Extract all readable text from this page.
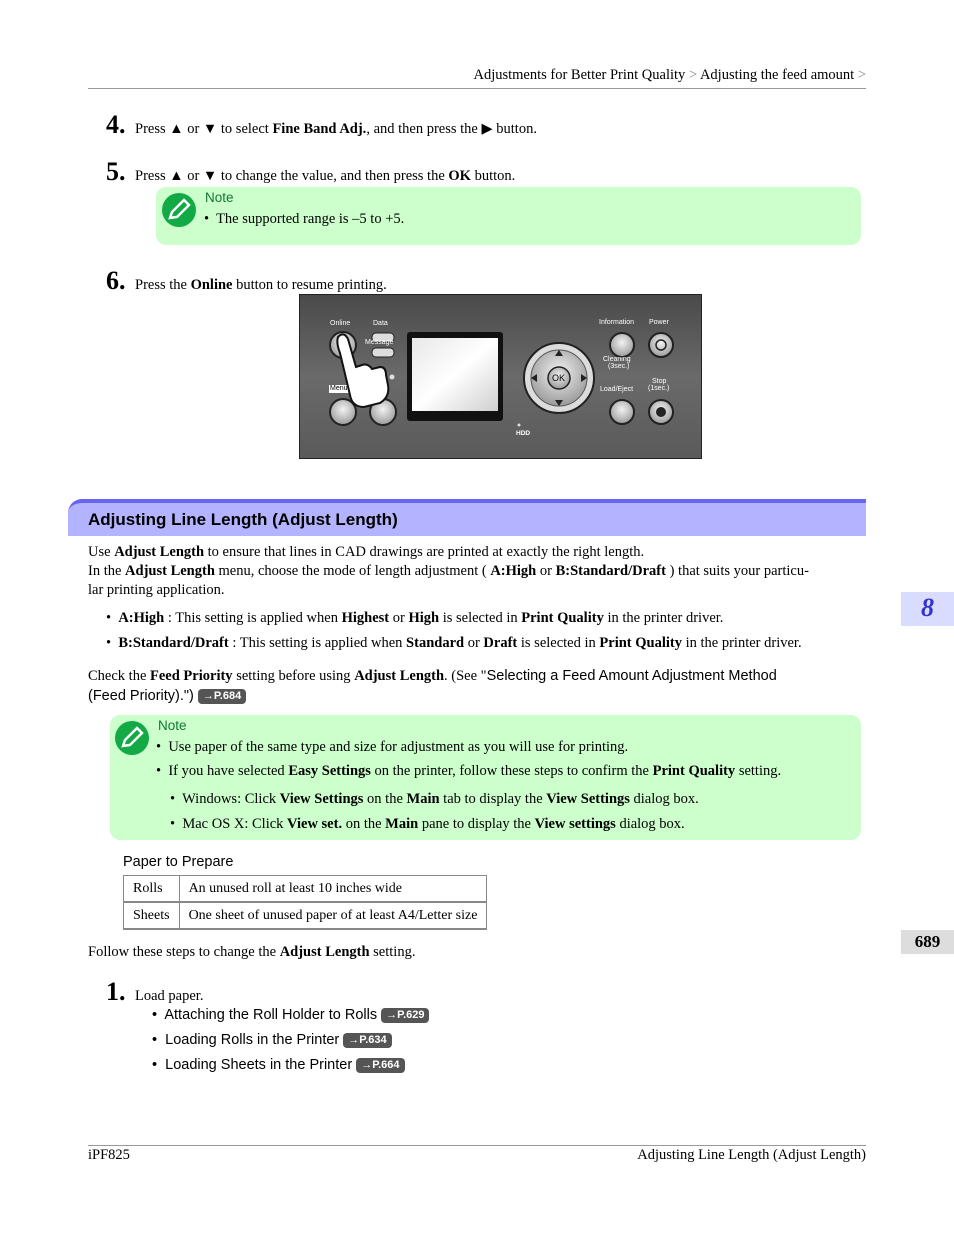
Adjustments for Better Print Quality > Adjusting the feed amount >
4. Press ▲ or ▼ to select Fine Band Adj., and then press the ▶ button.
5. Press ▲ or ▼ to change the value, and then press the OK button.
Note
• The supported range is –5 to +5.
6. Press the Online button to resume printing.
Online	Data
Message
Menu
Information Power
Cleaning
(3sec.)
Load/Eject
Stop
(1sec.)
OK
HDD
Adjusting Line Length (Adjust Length)
8
Use Adjust Length to ensure that lines in CAD drawings are printed at exactly the right length.
In the Adjust Length menu, choose the mode of length adjustment ( A:High or B:Standard/Draft ) that suits your particu-
lar printing application.
•  A:High : This setting is applied when Highest or High is selected in Print Quality in the printer driver.
•  B:Standard/Draft : This setting is applied when Standard or Draft is selected in Print Quality in the printer driver.
Check the Feed Priority setting before using Adjust Length. (See "Selecting a Feed Amount Adjustment Method
(Feed Priority).") →P.684
Note
•  Use paper of the same type and size for adjustment as you will use for printing.
•  If you have selected Easy Settings on the printer, follow these steps to confirm the Print Quality setting.
•  Windows: Click View Settings on the Main tab to display the View Settings dialog box.
•  Mac OS X: Click View set. on the Main pane to display the View settings dialog box.
Paper to Prepare
Rolls	An unused roll at least 10 inches wide
Sheets	One sheet of unused paper of at least A4/Letter size
689
Follow these steps to change the Adjust Length setting.
1. Load paper.
•  Attaching the Roll Holder to Rolls →P.629
•  Loading Rolls in the Printer →P.634
•  Loading Sheets in the Printer →P.664
iPF825	Adjusting Line Length (Adjust Length)
